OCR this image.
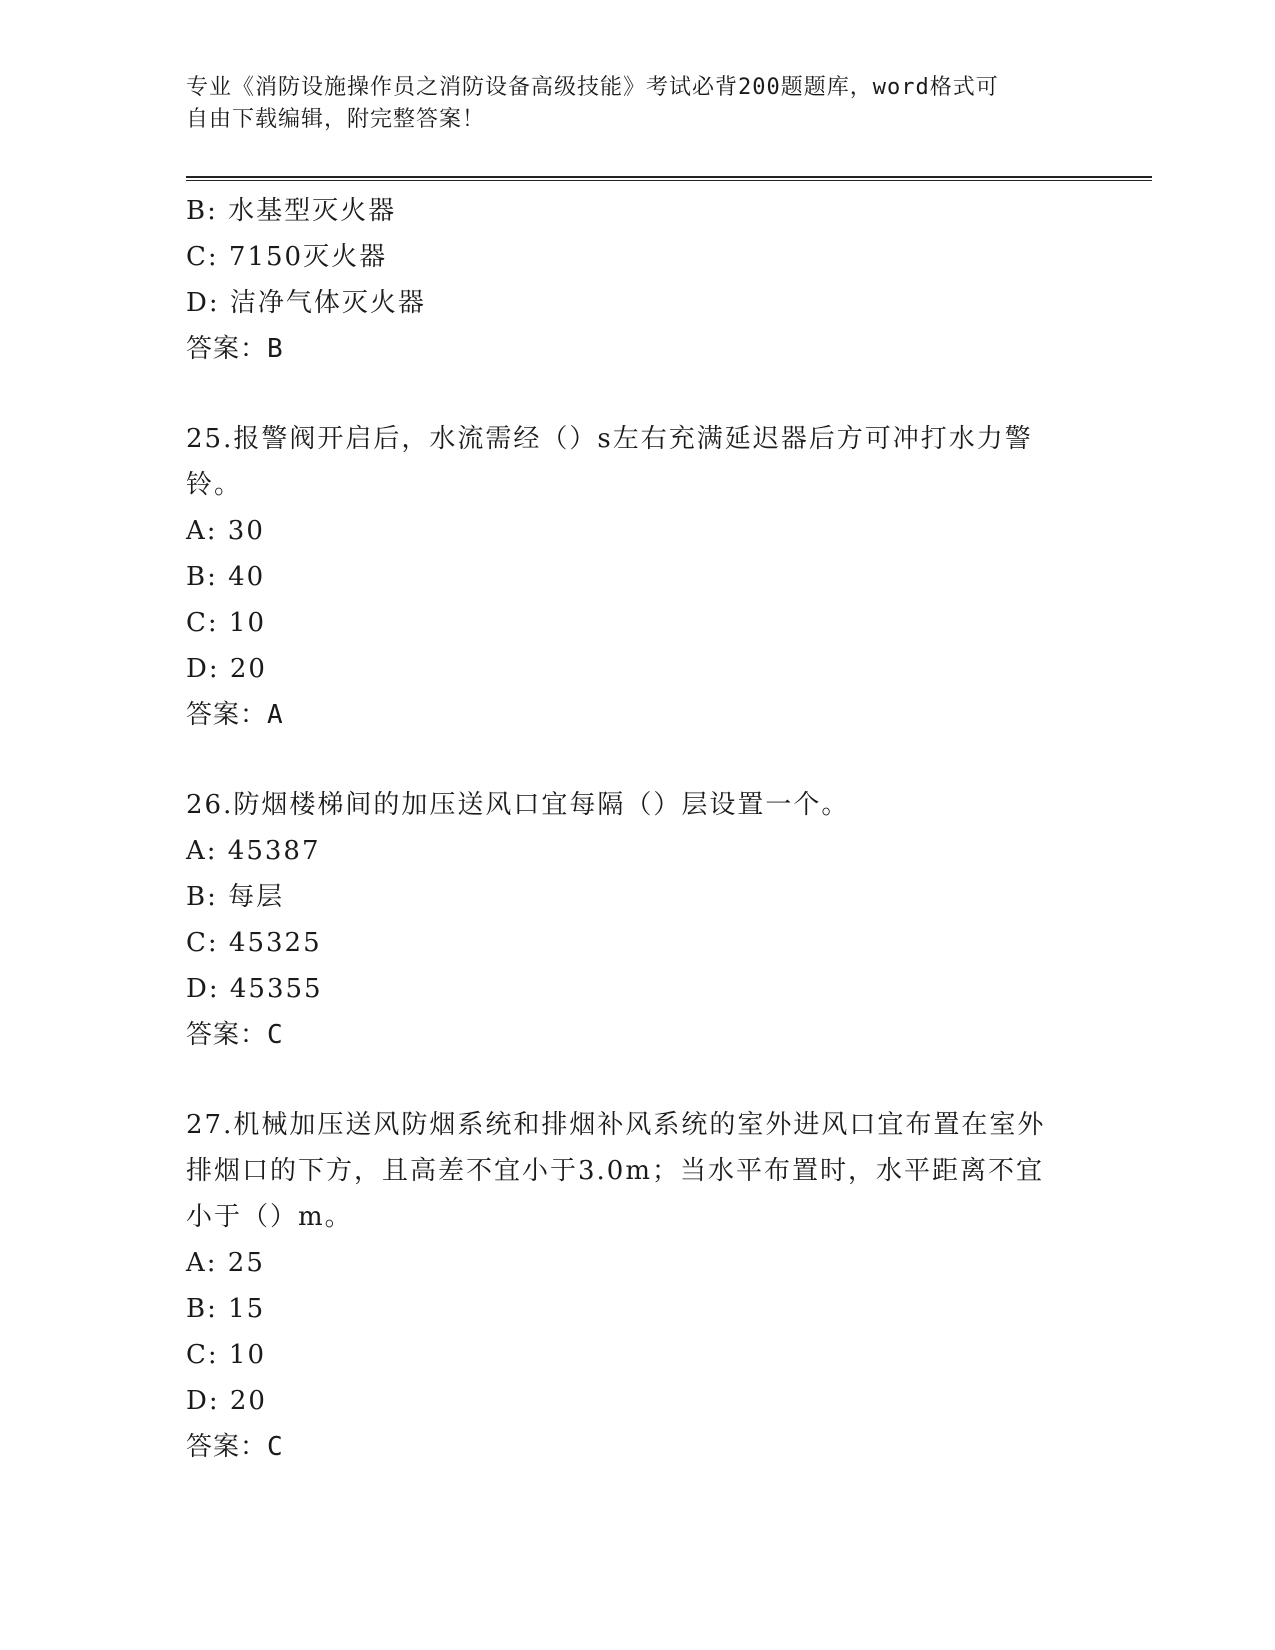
专业《消防设施操作员之消防设备高级技能》考试必背200题题库，word格式可
自由下载编辑，附完整答案！
B: 水基型灭火器
C: 7150灭火器
D: 洁净气体灭火器
答案：B
25.报警阀开启后，水流需经（）s左右充满延迟器后方可冲打水力警
铃。
A: 30
B: 40
C: 10
D: 20
答案：A
26.防烟楼梯间的加压送风口宜每隔（）层设置一个。
A: 45387
B: 每层
C: 45325
D: 45355
答案：C
27.机械加压送风防烟系统和排烟补风系统的室外进风口宜布置在室外
排烟口的下方，且高差不宜小于3.0m；当水平布置时，水平距离不宜
小于（）m。
A: 25
B: 15
C: 10
D: 20
答案：C
